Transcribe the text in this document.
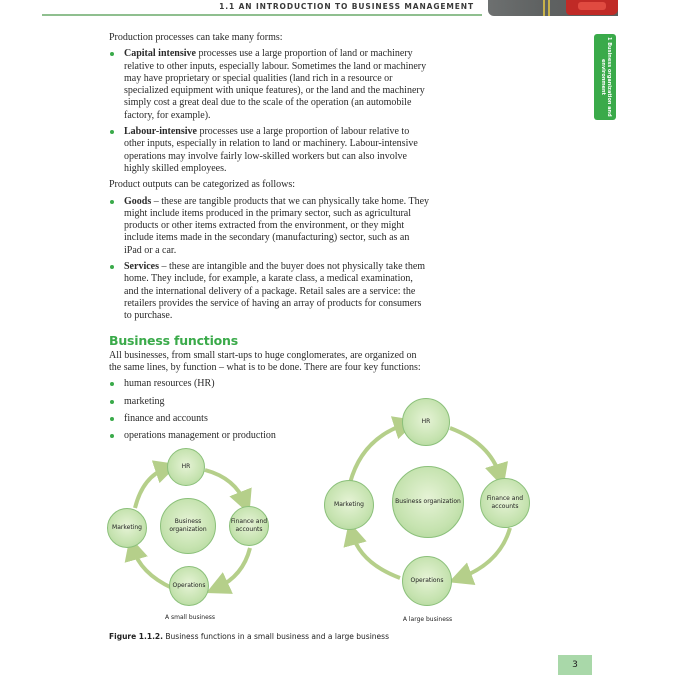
1.1 AN INTRODUCTION TO BUSINESS MANAGEMENT
1 Business organization and environment

Production processes can take many forms:

Capital intensive processes use a large proportion of land or machinery relative to other inputs, especially labour. Sometimes the land or machinery may have proprietary or special qualities (land rich in a resource or specialized equipment with unique features), or the land and the machinery simply cost a great deal due to the scale of the operation (an automobile factory, for example).
Labour-intensive processes use a large proportion of labour relative to other inputs, especially in relation to land or machinery. Labour-intensive operations may involve fairly low-skilled workers but can also involve highly skilled employees.

Product outputs can be categorized as follows:

Goods – these are tangible products that we can physically take home. They might include items produced in the primary sector, such as agricultural products or other items extracted from the environment, or they might include items made in the secondary (manufacturing) sector, such as an iPad or a car.
Services – these are intangible and the buyer does not physically take them home. They include, for example, a karate class, a medical examination, and the international delivery of a package. Retail sales are a service: the retailers provides the service of having an array of products for consumers to purchase.
Business functions

All businesses, from small start-ups to huge conglomerates, are organized on the same lines, by function – what is to be done. There are four key functions:

human resources (HR)
marketing
finance and accounts
operations management or production
HR
Business organization
Marketing
Finance and accounts
Operations
A small business
HR
Business organization
Marketing
Finance and accounts
Operations
A large business
Figure 1.1.2. Business functions in a small business and a large business
3
